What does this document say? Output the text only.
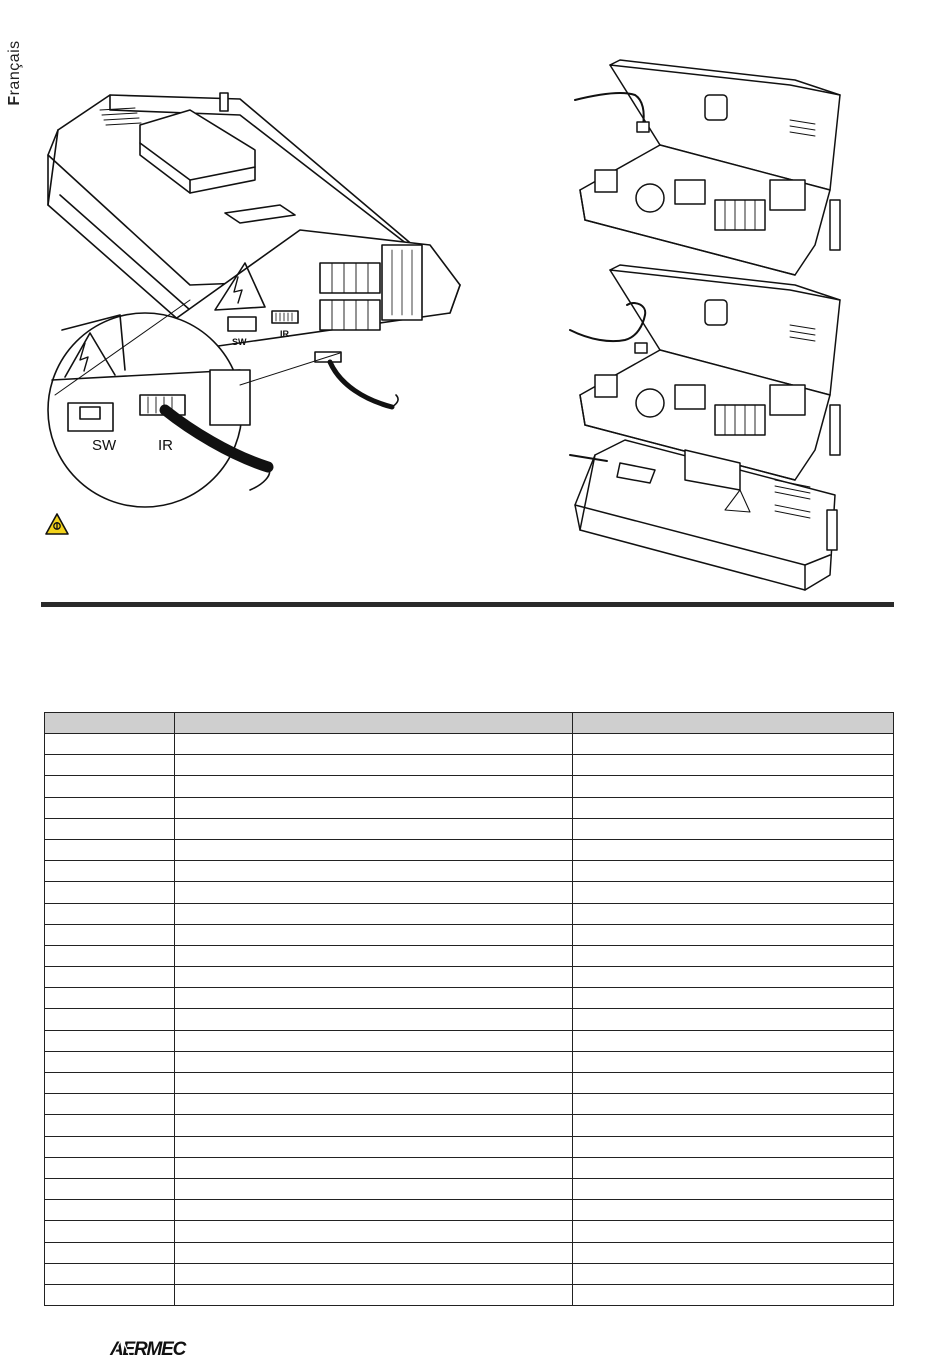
Français
SW
IR
SW	IR

AERMEC
